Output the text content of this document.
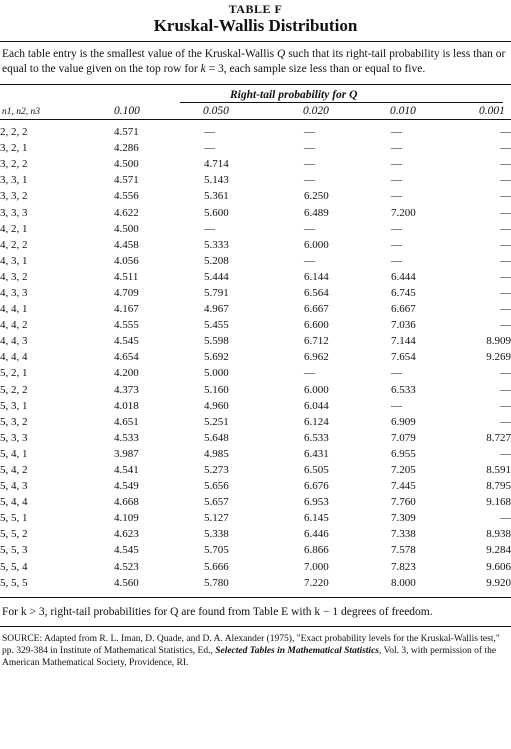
TABLE F
Kruskal-Wallis Distribution
Each table entry is the smallest value of the Kruskal-Wallis Q such that its right-tail probability is less than or equal to the value given on the top row for k = 3, each sample size less than or equal to five.
Right-tail probability for Q
n1, n2, n3	0.100	0.050	0.020	0.010	0.001
2, 2, 2	4.571	—	—	—	—
3, 2, 1	4.286	—	—	—	—
3, 2, 2	4.500	4.714	—	—	—
3, 3, 1	4.571	5.143	—	—	—
3, 3, 2	4.556	5.361	6.250	—	—
3, 3, 3	4.622	5.600	6.489	7.200	—
4, 2, 1	4.500	—	—	—	—
4, 2, 2	4.458	5.333	6.000	—	—
4, 3, 1	4.056	5.208	—	—	—
4, 3, 2	4.511	5.444	6.144	6.444	—
4, 3, 3	4.709	5.791	6.564	6.745	—
4, 4, 1	4.167	4.967	6.667	6.667	—
4, 4, 2	4.555	5.455	6.600	7.036	—
4, 4, 3	4.545	5.598	6.712	7.144	8.909
4, 4, 4	4.654	5.692	6.962	7.654	9.269
5, 2, 1	4.200	5.000	—	—	—
5, 2, 2	4.373	5.160	6.000	6.533	—
5, 3, 1	4.018	4.960	6.044	—	—
5, 3, 2	4.651	5.251	6.124	6.909	—
5, 3, 3	4.533	5.648	6.533	7.079	8.727
5, 4, 1	3.987	4.985	6.431	6.955	—
5, 4, 2	4.541	5.273	6.505	7.205	8.591
5, 4, 3	4.549	5.656	6.676	7.445	8.795
5, 4, 4	4.668	5.657	6.953	7.760	9.168
5, 5, 1	4.109	5.127	6.145	7.309	—
5, 5, 2	4.623	5.338	6.446	7.338	8.938
5, 5, 3	4.545	5.705	6.866	7.578	9.284
5, 5, 4	4.523	5.666	7.000	7.823	9.606
5, 5, 5	4.560	5.780	7.220	8.000	9.920
For k > 3, right-tail probabilities for Q are found from Table E with k − 1 degrees of freedom.
SOURCE: Adapted from R. L. Iman, D. Quade, and D. A. Alexander (1975), "Exact probability levels for the Kruskal-Wallis test," pp. 329-384 in Institute of Mathematical Statistics, Ed., Selected Tables in Mathematical Statistics, Vol. 3, with permission of the American Mathematical Society, Providence, RI.
